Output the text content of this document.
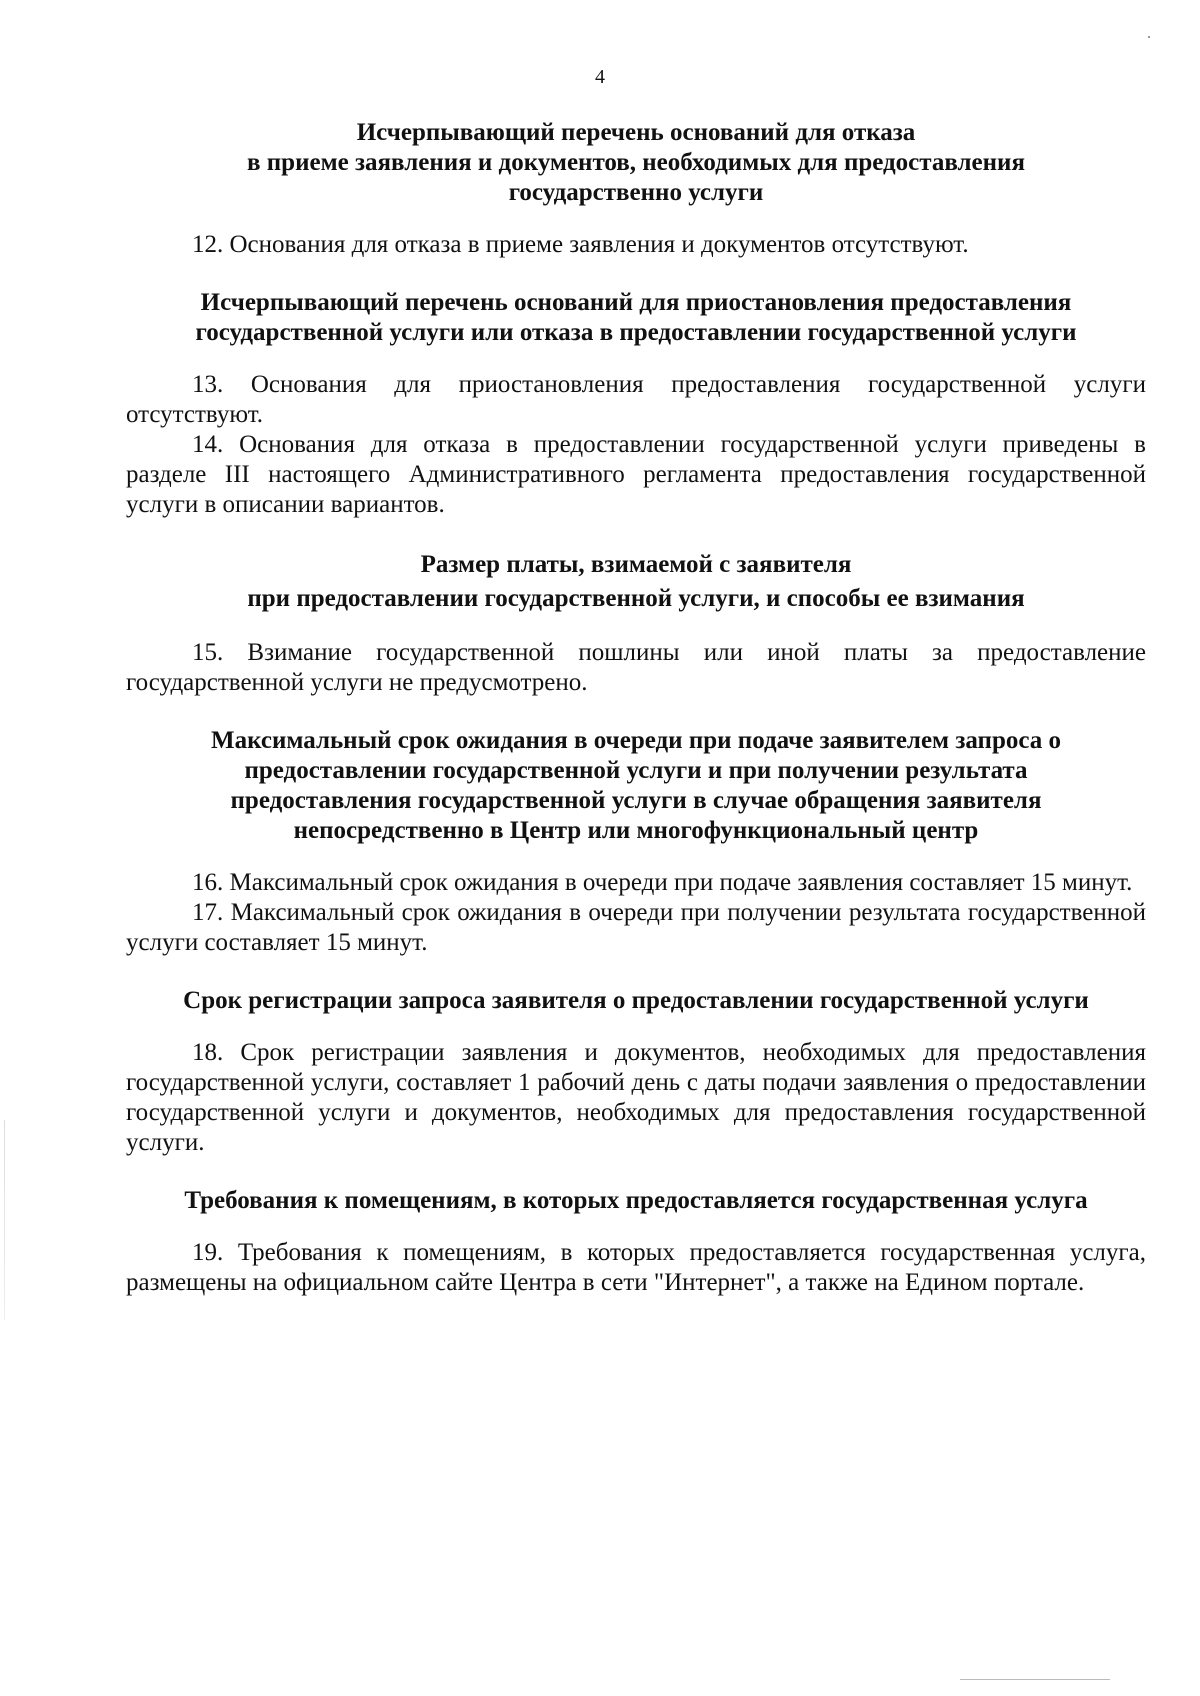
4
Исчерпывающий перечень оснований для отказа
в приеме заявления и документов, необходимых для предоставления
государственно услуги
12. Основания для отказа в приеме заявления и документов отсутствуют.
Исчерпывающий перечень оснований для приостановления предоставления
государственной услуги или отказа в предоставлении государственной услуги
13. Основания для приостановления предоставления государственной услуги отсутствуют.
14. Основания для отказа в предоставлении государственной услуги приведены в разделе III настоящего Административного регламента предоставления государственной услуги в описании вариантов.
Размер платы, взимаемой с заявителя
при предоставлении государственной услуги, и способы ее взимания
15. Взимание государственной пошлины или иной платы за предоставление государственной услуги не предусмотрено.
Максимальный срок ожидания в очереди при подаче заявителем запроса о
предоставлении государственной услуги и при получении результата
предоставления государственной услуги в случае обращения заявителя
непосредственно в Центр или многофункциональный центр
16. Максимальный срок ожидания в очереди при подаче заявления составляет 15 минут.
17. Максимальный срок ожидания в очереди при получении результата государственной услуги составляет 15 минут.
Срок регистрации запроса заявителя о предоставлении государственной услуги
18. Срок регистрации заявления и документов, необходимых для предоставления государственной услуги, составляет 1 рабочий день с даты подачи заявления о предоставлении государственной услуги и документов, необходимых для предоставления государственной услуги.
Требования к помещениям, в которых предоставляется государственная услуга
19. Требования к помещениям, в которых предоставляется государственная услуга, размещены на официальном сайте Центра в сети "Интернет", а также на Едином портале.
